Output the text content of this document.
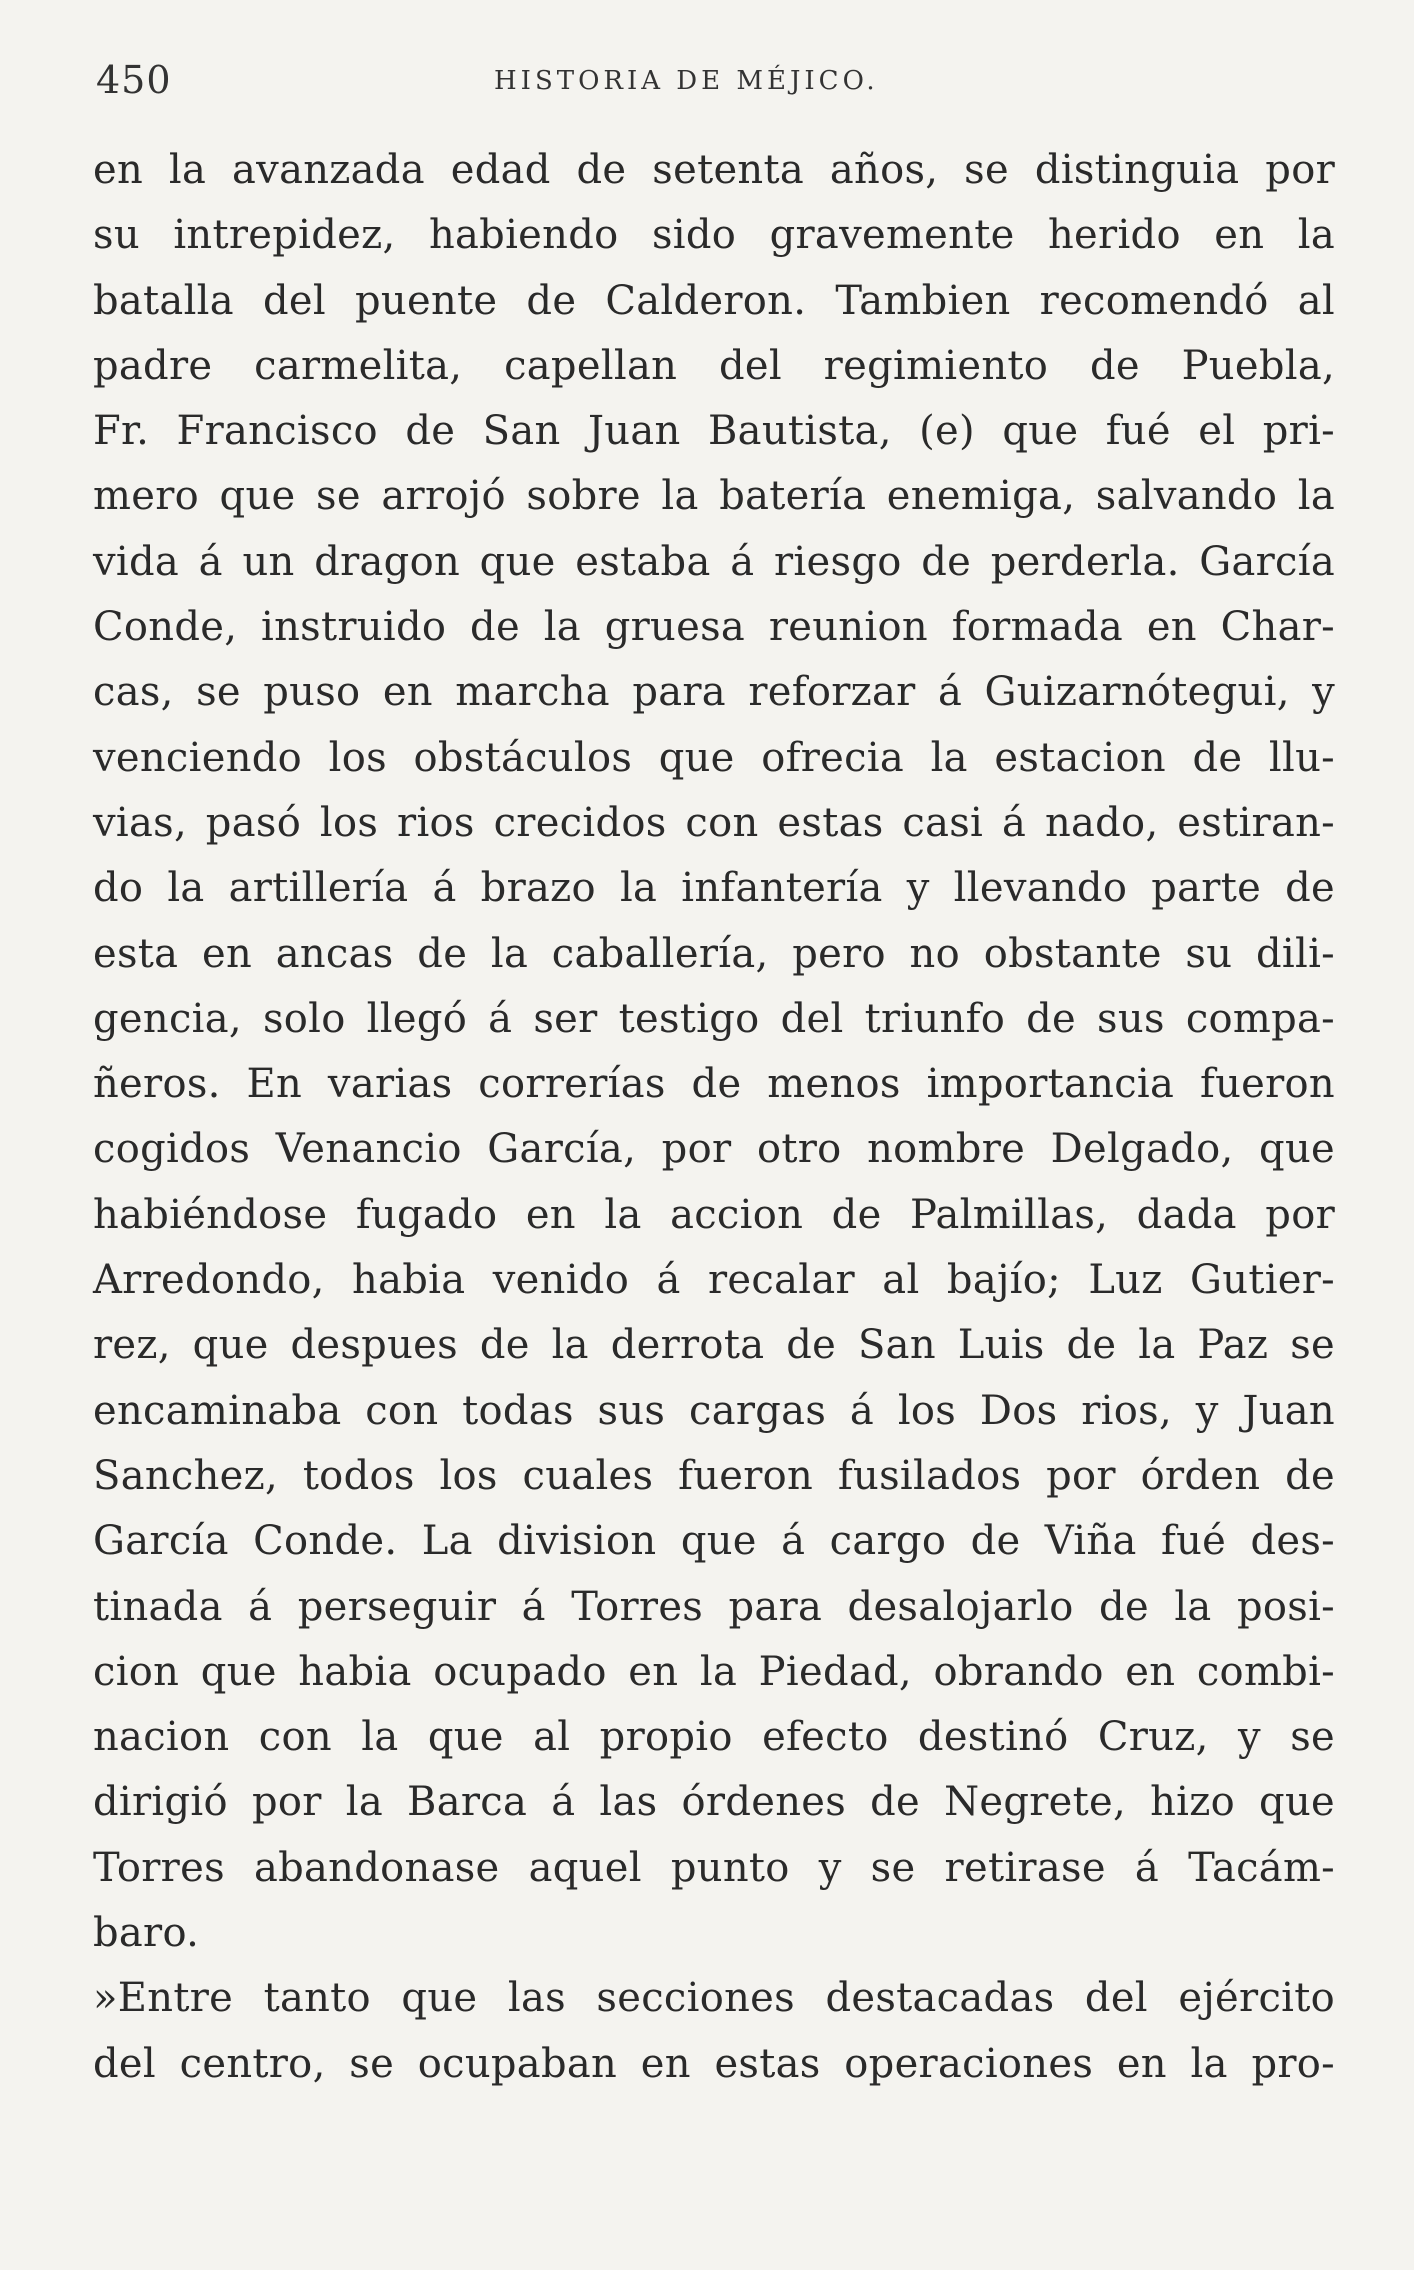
450	HISTORIA DE MÉJICO.
en la avanzada edad de setenta años, se distinguia por
su intrepidez, habiendo sido gravemente herido en la
batalla del puente de Calderon. Tambien recomendó al
padre carmelita, capellan del regimiento de Puebla,
Fr. Francisco de San Juan Bautista, (e) que fué el pri-
mero que se arrojó sobre la batería enemiga, salvando la
vida á un dragon que estaba á riesgo de perderla. García
Conde, instruido de la gruesa reunion formada en Char-
cas, se puso en marcha para reforzar á Guizarnótegui, y
venciendo los obstáculos que ofrecia la estacion de llu-
vias, pasó los rios crecidos con estas casi á nado, estiran-
do la artillería á brazo la infantería y llevando parte de
esta en ancas de la caballería, pero no obstante su dili-
gencia, solo llegó á ser testigo del triunfo de sus compa-
ñeros. En varias correrías de menos importancia fueron
cogidos Venancio García, por otro nombre Delgado, que
habiéndose fugado en la accion de Palmillas, dada por
Arredondo, habia venido á recalar al bajío; Luz Gutier-
rez, que despues de la derrota de San Luis de la Paz se
encaminaba con todas sus cargas á los Dos rios, y Juan
Sanchez, todos los cuales fueron fusilados por órden de
García Conde. La division que á cargo de Viña fué des-
tinada á perseguir á Torres para desalojarlo de la posi-
cion que habia ocupado en la Piedad, obrando en combi-
nacion con la que al propio efecto destinó Cruz, y se
dirigió por la Barca á las órdenes de Negrete, hizo que
Torres abandonase aquel punto y se retirase á Tacám-
baro.
»Entre tanto que las secciones destacadas del ejército
del centro, se ocupaban en estas operaciones en la pro-
